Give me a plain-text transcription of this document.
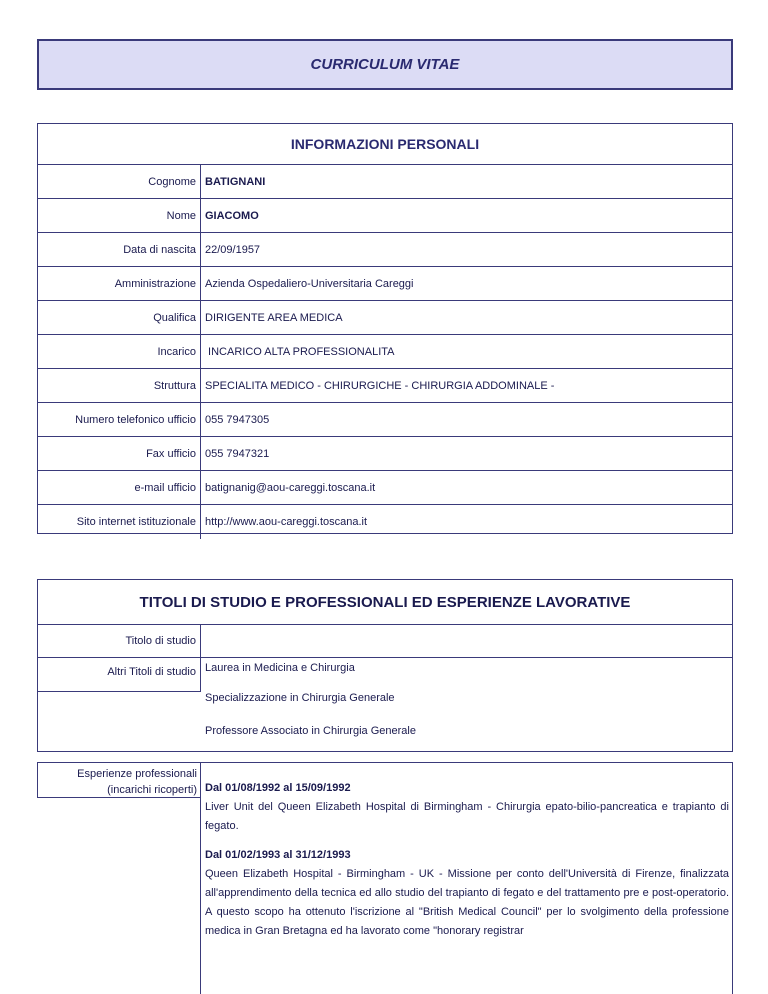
CURRICULUM VITAE
INFORMAZIONI PERSONALI
Cognome BATIGNANI
Nome GIACOMO
Data di nascita 22/09/1957
Amministrazione Azienda Ospedaliero-Universitaria Careggi
Qualifica DIRIGENTE AREA MEDICA
Incarico INCARICO ALTA PROFESSIONALITA
Struttura SPECIALITA MEDICO - CHIRURGICHE - CHIRURGIA ADDOMINALE -
Numero telefonico ufficio 055 7947305
Fax ufficio 055 7947321
e-mail ufficio batignanig@aou-careggi.toscana.it
Sito internet istituzionale http://www.aou-careggi.toscana.it
TITOLI DI STUDIO E PROFESSIONALI ED ESPERIENZE LAVORATIVE
Titolo di studio
Altri Titoli di studio Laurea in Medicina e Chirurgia
Specializzazione in Chirurgia Generale
Professore Associato in Chirurgia Generale
Esperienze professionali
(incarichi ricoperti) Dal 01/08/1992 al 15/09/1992
Liver Unit del Queen Elizabeth Hospital di Birmingham - Chirurgia epato-bilio-pancreatica e trapianto di fegato.
Dal 01/02/1993 al 31/12/1993
Queen Elizabeth Hospital - Birmingham - UK - Missione per conto dell'Università di Firenze, finalizzata all'apprendimento della tecnica ed allo studio del trapianto di fegato e del trattamento pre e post-operatorio. A questo scopo ha ottenuto l'iscrizione al "British Medical Council" per lo svolgimento della professione medica in Gran Bretagna ed ha lavorato come "honorary registrar
